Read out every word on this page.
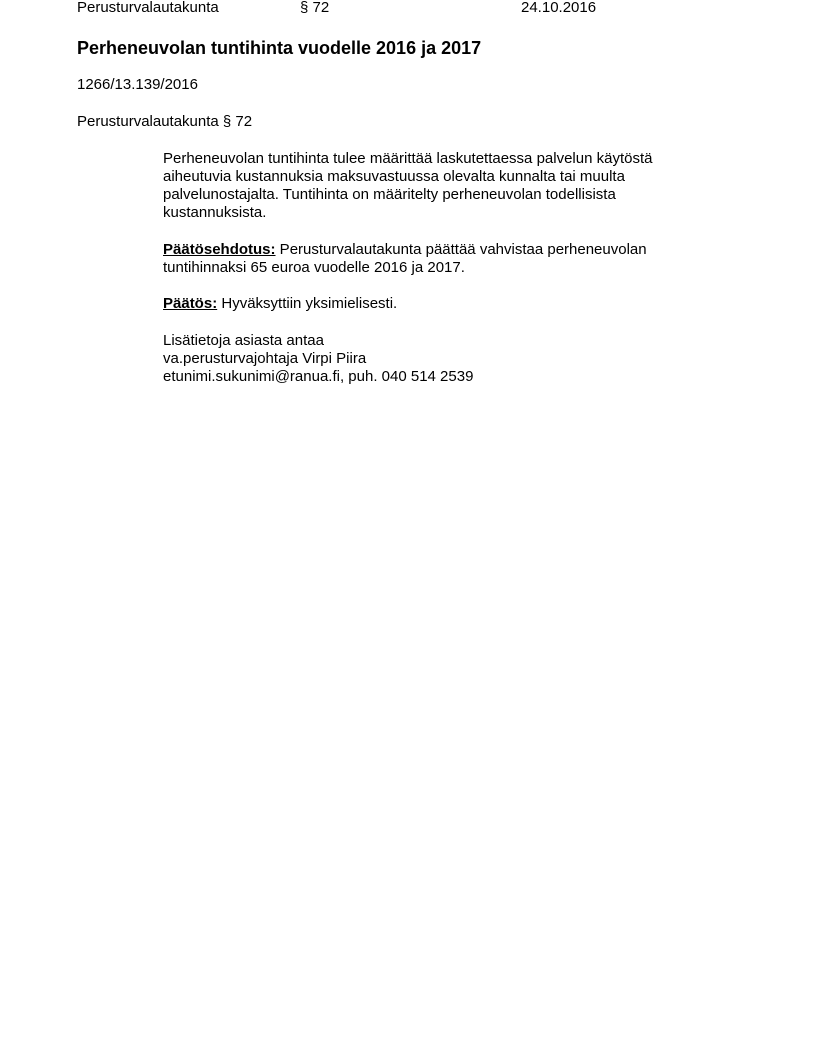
Perusturvalautakunta	§ 72	24.10.2016
Perheneuvolan tuntihinta vuodelle 2016 ja 2017
1266/13.139/2016
Perusturvalautakunta § 72

Perheneuvolan tuntihinta tulee määrittää laskutettaessa palvelun käytöstä
aiheutuvia kustannuksia maksuvastuussa olevalta kunnalta tai muulta
palvelunostajalta. Tuntihinta on määritelty perheneuvolan todellisista
kustannuksista.

Päätösehdotus: Perusturvalautakunta päättää vahvistaa perheneuvolan
tuntihinnaksi 65 euroa vuodelle 2016 ja 2017.

Päätös: Hyväksyttiin yksimielisesti.

Lisätietoja asiasta antaa
va.perusturvajohtaja Virpi Piira
etunimi.sukunimi@ranua.fi, puh. 040 514 2539
